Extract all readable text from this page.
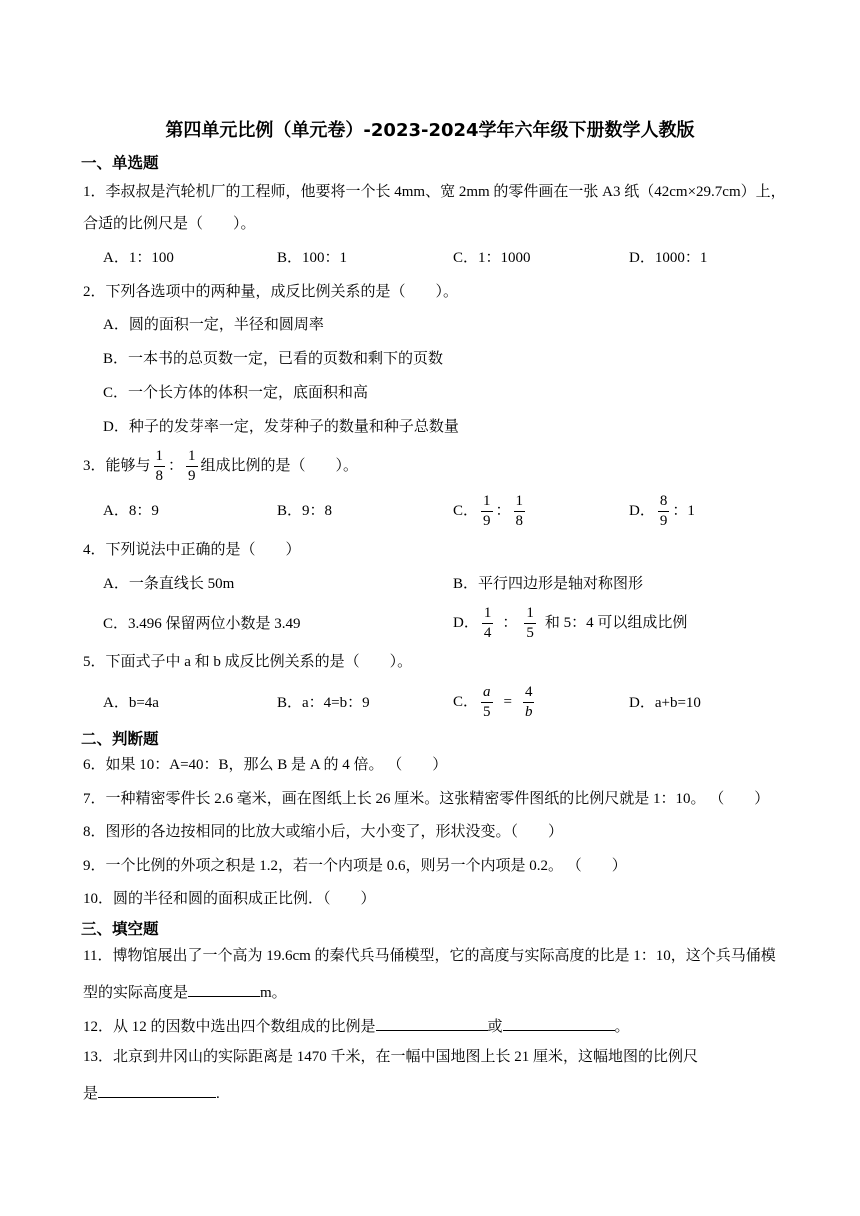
第四单元比例（单元卷）-2023-2024学年六年级下册数学人教版
一、单选题
1．李叔叔是汽轮机厂的工程师，他要将一个长 4mm、宽 2mm 的零件画在一张 A3 纸（42cm×29.7cm）上，
合适的比例尺是（　　）。
A．1：100	B．100：1	C．1：1000	D．1000：1
2．下列各选项中的两种量，成反比例关系的是（　　）。
A．圆的面积一定，半径和圆周率
B．一本书的总页数一定，已看的页数和剩下的页数
C．一个长方体的体积一定，底面积和高
D．种子的发芽率一定，发芽种子的数量和种子总数量
3．能够与 $\frac{1}{8}$ ： $\frac{1}{9}$ 组成比例的是（　　）。
A．8：9	B．9：8	C． $\frac{1}{9}$ ： $\frac{1}{8}$	D． $\frac{8}{9}$ ：1
4．下列说法中正确的是（　　）
A．一条直线长 50m	B．平行四边形是轴对称图形
C．3.496 保留两位小数是 3.49	D． $\frac{1}{4}$ ： $\frac{1}{5}$ 和 5：4 可以组成比例
5．下面式子中 a 和 b 成反比例关系的是（　　）。
A．b=4a	B．a：4=b：9	C． $\frac{a}{5} = \frac{4}{b}$	D．a+b=10
二、判断题
6．如果 10：A=40：B，那么 B 是 A 的 4 倍。 （　　）
7．一种精密零件长 2.6 毫米，画在图纸上长 26 厘米。这张精密零件图纸的比例尺就是 1：10。 （　　）
8．图形的各边按相同的比放大或缩小后，大小变了，形状没变。（　　）
9．一个比例的外项之积是 1.2，若一个内项是 0.6，则另一个内项是 0.2。 （　　）
10．圆的半径和圆的面积成正比例．（　　）
三、填空题
11．博物馆展出了一个高为 19.6cm 的秦代兵马俑模型，它的高度与实际高度的比是 1：10，这个兵马俑模
型的实际高度是	m。
12．从 12 的因数中选出四个数组成的比例是	或	。
13．北京到井冈山的实际距离是 1470 千米，在一幅中国地图上长 21 厘米，这幅地图的比例尺
是	.
